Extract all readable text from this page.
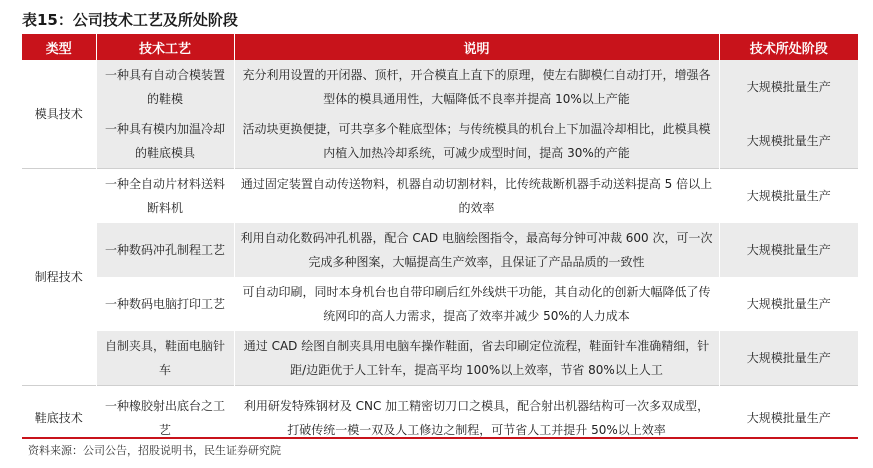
表15：公司技术工艺及所处阶段
类型	技术工艺	说明	技术所处阶段
模具技术	一种具有自动合模装置的鞋模	充分利用设置的开闭器、顶杆，开合模直上直下的原理，使左右脚模仁自动打开，增强各型体的模具通用性，大幅降低不良率并提高 10%以上产能	大规模批量生产
	一种具有模内加温冷却的鞋底模具	活动块更换便捷，可共享多个鞋底型体；与传统模具的机台上下加温冷却相比，此模具模内植入加热冷却系统，可减少成型时间，提高 30%的产能	大规模批量生产
制程技术	一种全自动片材料送料断料机	通过固定装置自动传送物料，机器自动切割材料，比传统裁断机器手动送料提高 5 倍以上的效率	大规模批量生产
	一种数码冲孔制程工艺	利用自动化数码冲孔机器，配合 CAD 电脑绘图指令，最高每分钟可冲裁 600 次，可一次完成多种图案，大幅提高生产效率，且保证了产品品质的一致性	大规模批量生产
	一种数码电脑打印工艺	可自动印刷，同时本身机台也自带印刷后红外线烘干功能，其自动化的创新大幅降低了传统网印的高人力需求，提高了效率并减少 50%的人力成本	大规模批量生产
	自制夹具，鞋面电脑针车	通过 CAD 绘图自制夹具用电脑车操作鞋面，省去印刷定位流程，鞋面针车准确精细，针距/边距优于人工针车，提高平均 100%以上效率，节省 80%以上人工	大规模批量生产
鞋底技术	一种橡胶射出底台之工艺	利用研发特殊钢材及 CNC 加工精密切刀口之模具，配合射出机器结构可一次多双成型，打破传统一模一双及人工修边之制程，可节省人工并提升 50%以上效率	大规模批量生产
资料来源：公司公告，招股说明书，民生证券研究院
